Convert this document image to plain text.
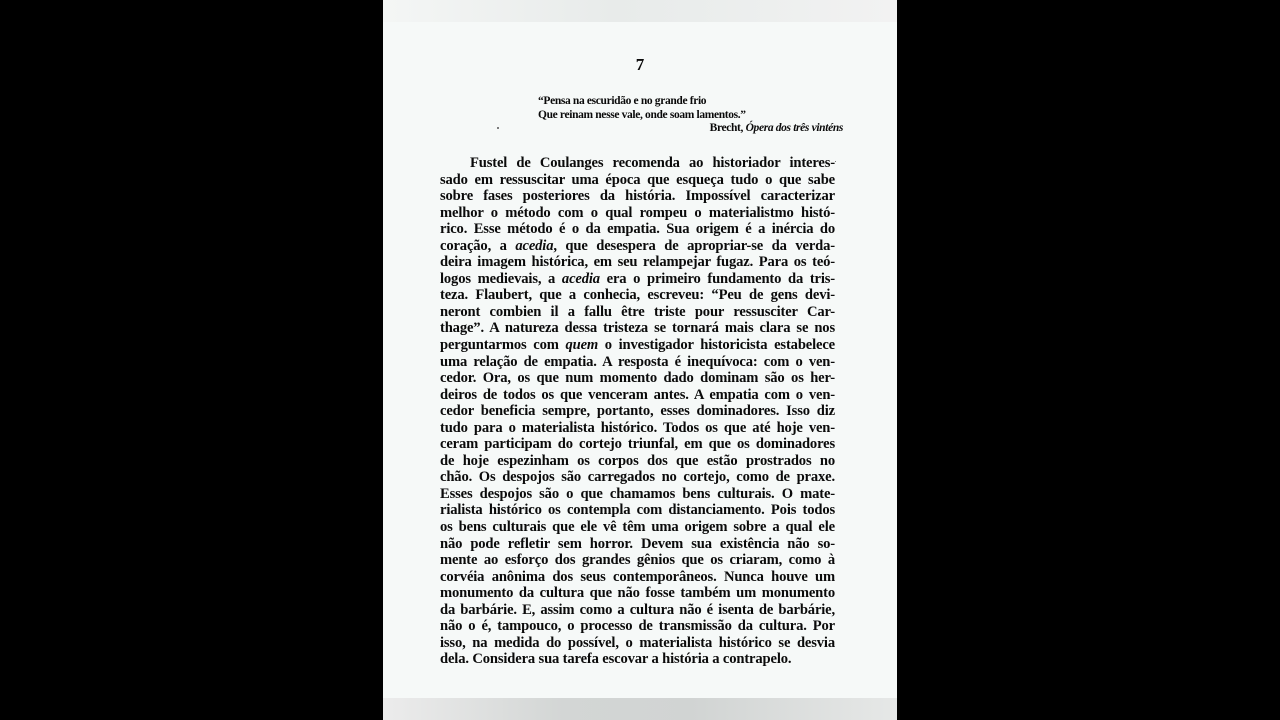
7
“Pensa na escuridão e no grande frio
Que reinam nesse vale, onde soam lamentos.”
Brecht, Ópera dos três vinténs
Fustel de Coulanges recomenda ao historiador interes-
sado em ressuscitar uma época que esqueça tudo o que sabe
sobre fases posteriores da história. Impossível caracterizar
melhor o método com o qual rompeu o materialistmo histó-
rico. Esse método é o da empatia. Sua origem é a inércia do
coração, a acedia, que desespera de apropriar-se da verda-
deira imagem histórica, em seu relampejar fugaz. Para os teó-
logos medievais, a acedia era o primeiro fundamento da tris-
teza. Flaubert, que a conhecia, escreveu: “Peu de gens devi-
neront combien il a fallu être triste pour ressusciter Car-
thage”. A natureza dessa tristeza se tornará mais clara se nos
perguntarmos com quem o investigador historicista estabelece
uma relação de empatia. A resposta é inequívoca: com o ven-
cedor. Ora, os que num momento dado dominam são os her-
deiros de todos os que venceram antes. A empatia com o ven-
cedor beneficia sempre, portanto, esses dominadores. Isso diz
tudo para o materialista histórico. Todos os que até hoje ven-
ceram participam do cortejo triunfal, em que os dominadores
de hoje espezinham os corpos dos que estão prostrados no
chão. Os despojos são carregados no cortejo, como de praxe.
Esses despojos são o que chamamos bens culturais. O mate-
rialista histórico os contempla com distanciamento. Pois todos
os bens culturais que ele vê têm uma origem sobre a qual ele
não pode refletir sem horror. Devem sua existência não so-
mente ao esforço dos grandes gênios que os criaram, como à
corvéia anônima dos seus contemporâneos. Nunca houve um
monumento da cultura que não fosse também um monumento
da barbárie. E, assim como a cultura não é isenta de barbárie,
não o é, tampouco, o processo de transmissão da cultura. Por
isso, na medida do possível, o materialista histórico se desvia
dela. Considera sua tarefa escovar a história a contrapelo.
